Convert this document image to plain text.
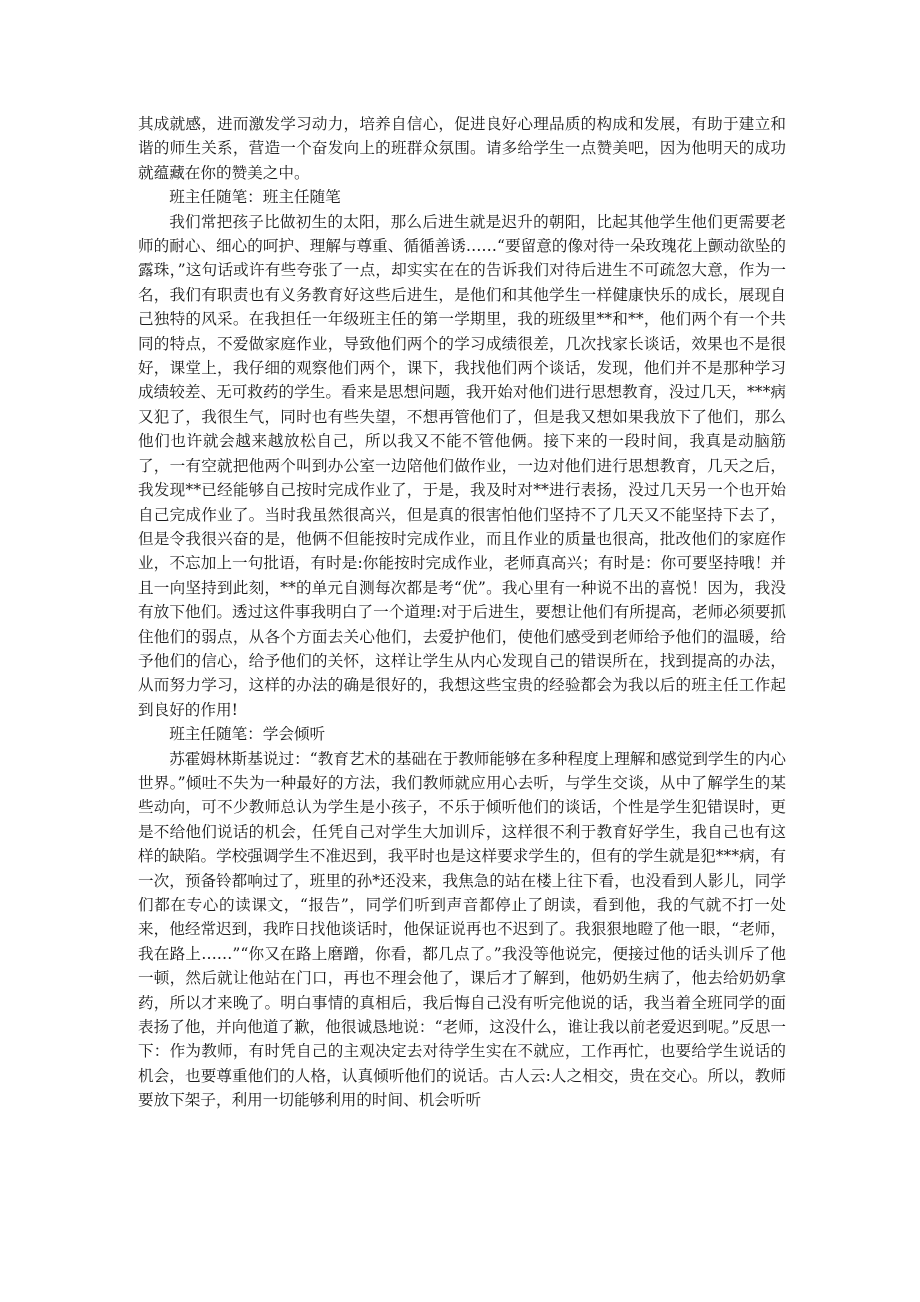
其成就感，进而激发学习动力，培养自信心，促进良好心理品质的构成和发展，有助于建立和谐的师生关系，营造一个奋发向上的班群众氛围。请多给学生一点赞美吧，因为他明天的成功就蕴藏在你的赞美之中。

班主任随笔：班主任随笔

我们常把孩子比做初生的太阳，那么后进生就是迟升的朝阳，比起其他学生他们更需要老师的耐心、细心的呵护、理解与尊重、循循善诱……“要留意的像对待一朵玫瑰花上颤动欲坠的露珠，”这句话或许有些夸张了一点，却实实在在的告诉我们对待后进生不可疏忽大意，作为一名，我们有职责也有义务教育好这些后进生，是他们和其他学生一样健康快乐的成长，展现自己独特的风采。在我担任一年级班主任的第一学期里，我的班级里**和**，他们两个有一个共同的特点，不爱做家庭作业，导致他们两个的学习成绩很差，几次找家长谈话，效果也不是很好，课堂上，我仔细的观察他们两个，课下，我找他们两个谈话，发现，他们并不是那种学习成绩较差、无可救药的学生。看来是思想问题，我开始对他们进行思想教育，没过几天，***病又犯了，我很生气，同时也有些失望，不想再管他们了，但是我又想如果我放下了他们，那么他们也许就会越来越放松自己，所以我又不能不管他俩。接下来的一段时间，我真是动脑筋了，一有空就把他两个叫到办公室一边陪他们做作业，一边对他们进行思想教育，几天之后，我发现**已经能够自己按时完成作业了，于是，我及时对**进行表扬，没过几天另一个也开始自己完成作业了。当时我虽然很高兴，但是真的很害怕他们坚持不了几天又不能坚持下去了，但是令我很兴奋的是，他俩不但能按时完成作业，而且作业的质量也很高，批改他们的家庭作业，不忘加上一句批语，有时是:你能按时完成作业，老师真高兴；有时是：你可要坚持哦！并且一向坚持到此刻，**的单元自测每次都是考“优”。我心里有一种说不出的喜悦！因为，我没有放下他们。透过这件事我明白了一个道理:对于后进生，要想让他们有所提高，老师必须要抓住他们的弱点，从各个方面去关心他们，去爱护他们，使他们感受到老师给予他们的温暖，给予他们的信心，给予他们的关怀，这样让学生从内心发现自己的错误所在，找到提高的办法，从而努力学习，这样的办法的确是很好的，我想这些宝贵的经验都会为我以后的班主任工作起到良好的作用!

班主任随笔：学会倾听

苏霍姆林斯基说过：“教育艺术的基础在于教师能够在多种程度上理解和感觉到学生的内心世界。”倾吐不失为一种最好的方法，我们教师就应用心去听，与学生交谈，从中了解学生的某些动向，可不少教师总认为学生是小孩子，不乐于倾听他们的谈话，个性是学生犯错误时，更是不给他们说话的机会，任凭自己对学生大加训斥，这样很不利于教育好学生，我自己也有这样的缺陷。学校强调学生不准迟到，我平时也是这样要求学生的，但有的学生就是犯***病，有一次，预备铃都响过了，班里的孙*还没来，我焦急的站在楼上往下看，也没看到人影儿，同学们都在专心的读课文，“报告”，同学们听到声音都停止了朗读，看到他，我的气就不打一处来，他经常迟到，我昨日找他谈话时，他保证说再也不迟到了。我狠狠地瞪了他一眼，“老师，我在路上……”“你又在路上磨蹭，你看，都几点了。”我没等他说完，便接过他的话头训斥了他一顿，然后就让他站在门口，再也不理会他了，课后才了解到，他奶奶生病了，他去给奶奶拿药，所以才来晚了。明白事情的真相后，我后悔自己没有听完他说的话，我当着全班同学的面表扬了他，并向他道了歉，他很诚恳地说：“老师，这没什么，谁让我以前老爱迟到呢。”反思一下：作为教师，有时凭自己的主观决定去对待学生实在不就应，工作再忙，也要给学生说话的机会，也要尊重他们的人格，认真倾听他们的说话。古人云:人之相交，贵在交心。所以，教师要放下架子，利用一切能够利用的时间、机会听听
